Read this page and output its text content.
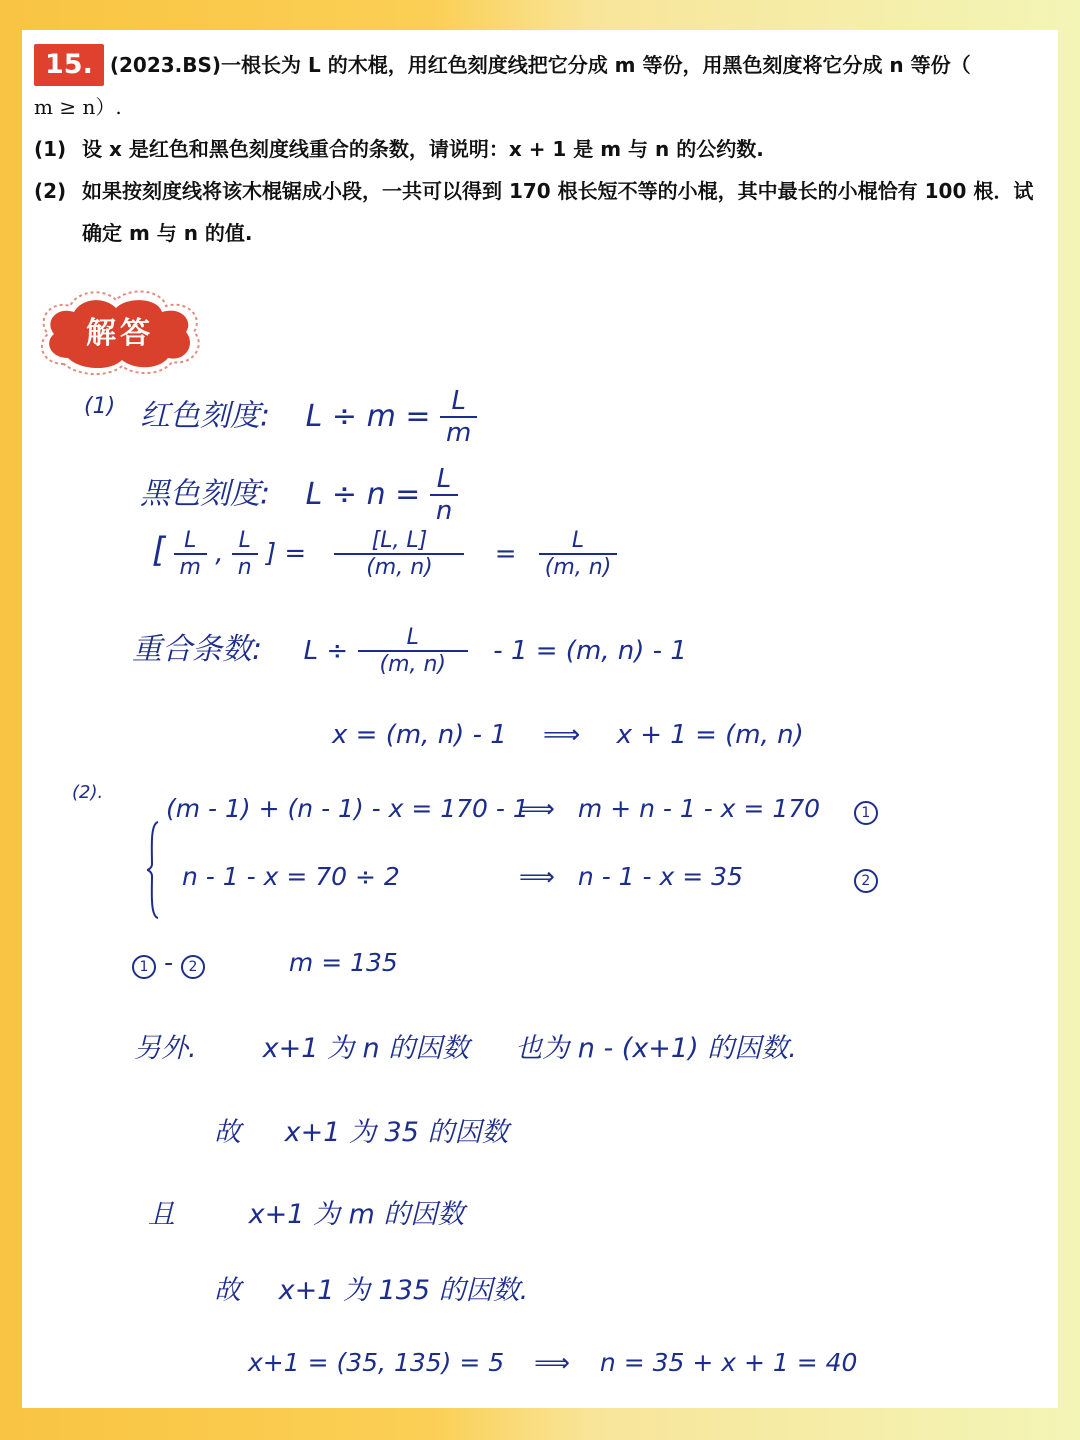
15. (2023.BS)一根长为 L 的木棍，用红色刻度线把它分成 m 等份，用黑色刻度将它分成 n 等份（
m ≥ n）.
(1) 设 x 是红色和黑色刻度线重合的条数，请说明：x + 1 是 m 与 n 的公约数.
(2) 如果按刻度线将该木棍锯成小段，一共可以得到 170 根长短不等的小棍，其中最长的小棍恰有 100 根．试确定 m 与 n 的值.
解答
(1) 红色刻度: $L \div m = \frac{L}{m}$
黑色刻度: $L \div n = \frac{L}{n}$
[ $\frac{L}{m}$ , $\frac{L}{n}$ ] = $\frac{[L, L]}{(m, n)} = \frac{L}{(m, n)}$
重合条数: $L \div \frac{L}{(m, n)} - 1 = (m$, n) - 1
x = (m, n) - 1 ⟹ x + 1 = (m, n)
(2).
(m - 1) + (n - 1) - x = 170 - 1 ⟹ m + n - 1 - x = 170	1
n - 1 - x = 70 ÷ 2	⟹ n - 1 - x = 35	2
1 - 2	m = 135
另外. x+1 为 n 的因数 也为 n - (x+1) 的因数.
故 x+1 为 35 的因数
且	x+1 为 m 的因数
故 x+1 为 135 的因数.
x+1 = (35, 135) = 5 ⟹ n = 35 + x + 1 = 40
